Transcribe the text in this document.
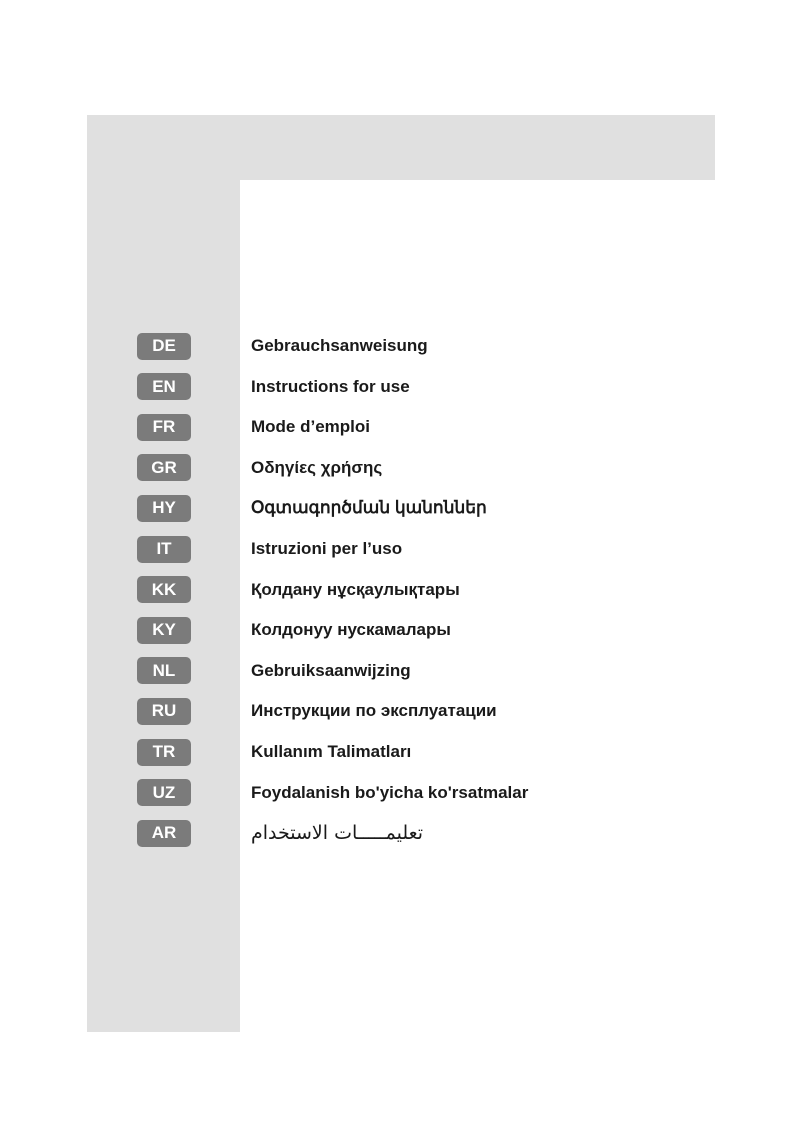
DE	Gebrauchsanweisung
EN	Instructions for use
FR	Mode d’emploi
GR	Οδηγίες χρήσης
HY	Օգտագործման կանոններ
IT	Istruzioni per l’uso
KK	Қолдану нұсқаулықтары
KY	Колдонуу нускамалары
NL	Gebruiksaanwijzing
RU	Инструкции по эксплуатации
TR	Kullanım Talimatları
UZ	Foydalanish bo'yicha ko'rsatmalar
AR	تعليمـــــات الاستخدام
